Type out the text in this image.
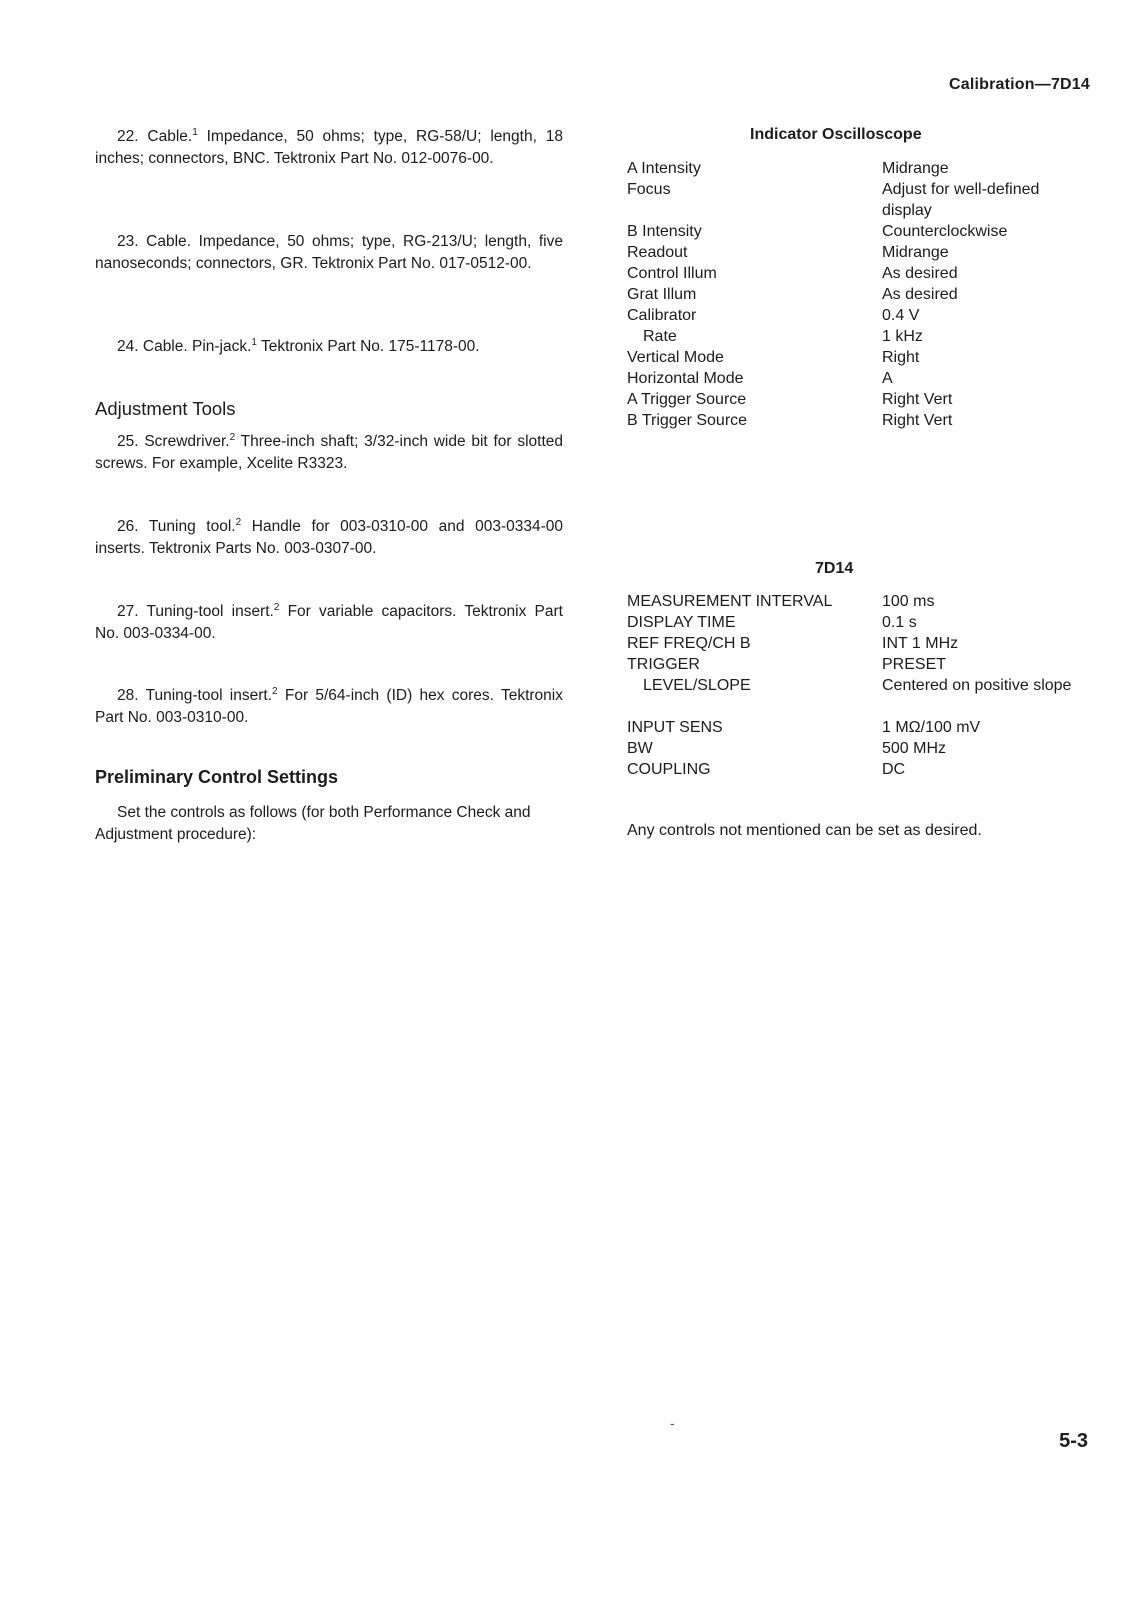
Calibration—7D14
22. Cable.$^1$ Impedance, 50 ohms; type, RG-58/U; length, 18 inches; connectors, BNC. Tektronix Part No. 012-0076-00.
23. Cable. Impedance, 50 ohms; type, RG-213/U; length, five nanoseconds; connectors, GR. Tektronix Part No. 017-0512-00.
24. Cable. Pin-jack.$^1$ Tektronix Part No. 175-1178-00.
Adjustment Tools
25. Screwdriver.$^2$ Three-inch shaft; 3/32-inch wide bit for slotted screws. For example, Xcelite R3323.
26. Tuning tool.$^2$ Handle for 003-0310-00 and 003-0334-00 inserts. Tektronix Parts No. 003-0307-00.
27. Tuning-tool insert.$^2$ For variable capacitors. Tektronix Part No. 003-0334-00.
28. Tuning-tool insert.$^2$ For 5/64-inch (ID) hex cores. Tektronix Part No. 003-0310-00.
Preliminary Control Settings
Set the controls as follows (for both Performance Check and Adjustment procedure):
Indicator Oscilloscope
A Intensity	Midrange
Focus	Adjust for well-defined display
B Intensity	Counterclockwise
Readout	Midrange
Control Illum	As desired
Grat Illum	As desired
Calibrator	0.4 V
Rate	1 kHz
Vertical Mode	Right
Horizontal Mode	A
A Trigger Source	Right Vert
B Trigger Source	Right Vert
7D14
MEASUREMENT INTERVAL	100 ms
DISPLAY TIME	0.1 s
REF FREQ/CH B	INT 1 MHz
TRIGGER	PRESET
LEVEL/SLOPE	Centered on positive slope
INPUT SENS	1 MΩ/100 mV
BW	500 MHz
COUPLING	DC
Any controls not mentioned can be set as desired.
-
5-3
